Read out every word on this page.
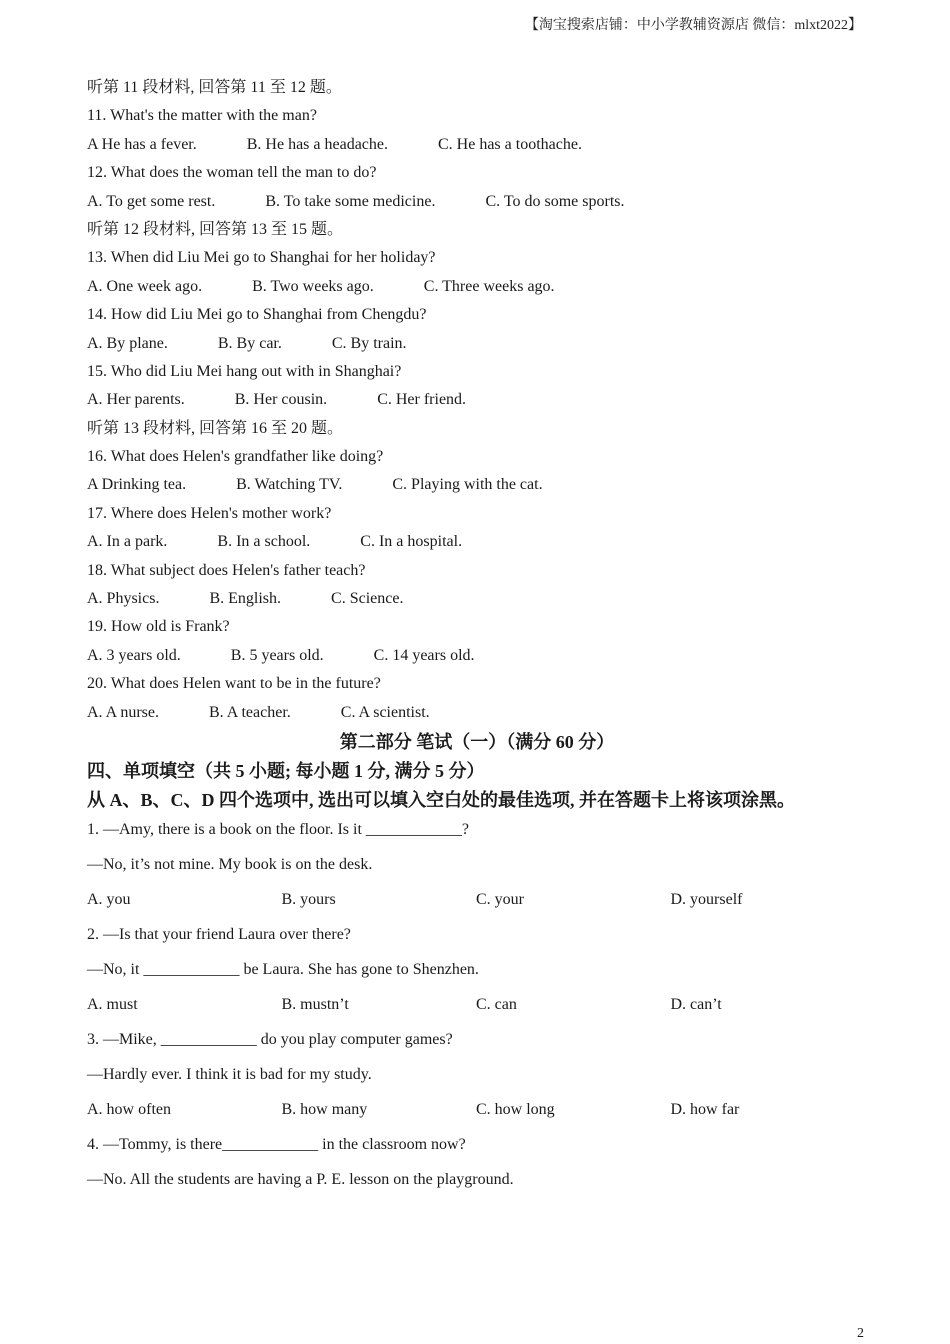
【淘宝搜索店铺：中小学教辅资源店 微信：mlxt2022】
听第 11 段材料, 回答第 11 至 12 题。
11. What's the matter with the man?
A He has a fever.	B. He has a headache.	C. He has a toothache.
12. What does the woman tell the man to do?
A. To get some rest.	B. To take some medicine.	C. To do some sports.
听第 12 段材料, 回答第 13 至 15 题。
13. When did Liu Mei go to Shanghai for her holiday?
A. One week ago.	B. Two weeks ago.	C. Three weeks ago.
14. How did Liu Mei go to Shanghai from Chengdu?
A. By plane.	B. By car.	C. By train.
15. Who did Liu Mei hang out with in Shanghai?
A. Her parents.	B. Her cousin.	C. Her friend.
听第 13 段材料, 回答第 16 至 20 题。
16. What does Helen's grandfather like doing?
A Drinking tea.	B. Watching TV.	C. Playing with the cat.
17. Where does Helen's mother work?
A. In a park.	B. In a school.	C. In a hospital.
18. What subject does Helen's father teach?
A. Physics.	B. English.	C. Science.
19. How old is Frank?
A. 3 years old.	B. 5 years old.	C. 14 years old.
20. What does Helen want to be in the future?
A. A nurse.	B. A teacher.	C. A scientist.
第二部分 笔试（一）（满分 60 分）
四、单项填空（共 5 小题; 每小题 1 分, 满分 5 分）
从 A、B、C、D 四个选项中, 选出可以填入空白处的最佳选项, 并在答题卡上将该项涂黑。
1. —Amy, there is a book on the floor. Is it ____________?
—No, it’s not mine. My book is on the desk.
A. you	B. yours	C. your	D. yourself
2. —Is that your friend Laura over there?
—No, it ____________ be Laura. She has gone to Shenzhen.
A. must	B. mustn’t	C. can	D. can’t
3. —Mike, ____________ do you play computer games?
—Hardly ever. I think it is bad for my study.
A. how often	B. how many	C. how long	D. how far
4. —Tommy, is there____________ in the classroom now?
—No. All the students are having a P. E. lesson on the playground.
2
